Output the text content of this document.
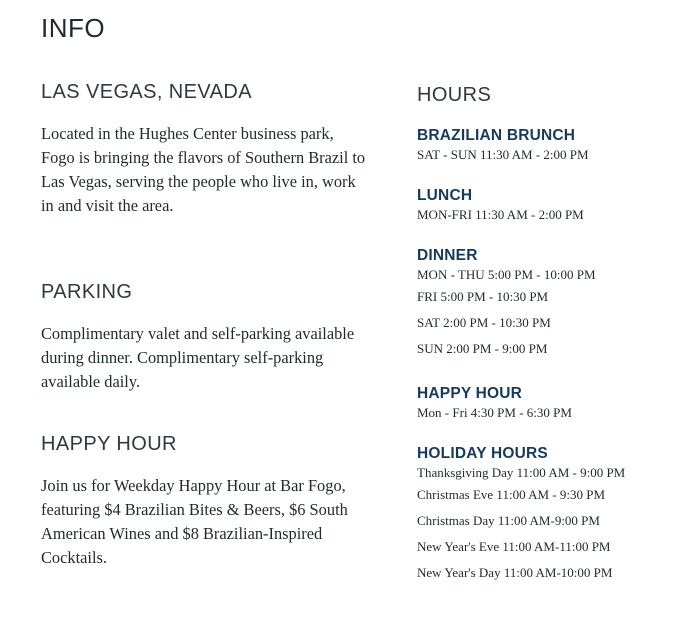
INFO
LAS VEGAS, NEVADA

Located in the Hughes Center business park, Fogo is bringing the flavors of Southern Brazil to Las Vegas, serving the people who live in, work in and visit the area.

PARKING

Complimentary valet and self-parking available during dinner. Complimentary self-parking available daily.

HAPPY HOUR

Join us for Weekday Happy Hour at Bar Fogo, featuring $4 Brazilian Bites & Beers, $6 South American Wines and $8 Brazilian-Inspired Cocktails.

HOURS
BRAZILIAN BRUNCH

SAT - SUN 11:30 AM - 2:00 PM

LUNCH

MON-FRI 11:30 AM - 2:00 PM

DINNER

MON - THU 5:00 PM - 10:00 PM

FRI 5:00 PM - 10:30 PM

SAT 2:00 PM - 10:30 PM

SUN 2:00 PM - 9:00 PM

HAPPY HOUR

Mon - Fri 4:30 PM - 6:30 PM

HOLIDAY HOURS

Thanksgiving Day 11:00 AM - 9:00 PM

Christmas Eve 11:00 AM - 9:30 PM

Christmas Day 11:00 AM-9:00 PM

New Year's Eve 11:00 AM-11:00 PM

New Year's Day 11:00 AM-10:00 PM
